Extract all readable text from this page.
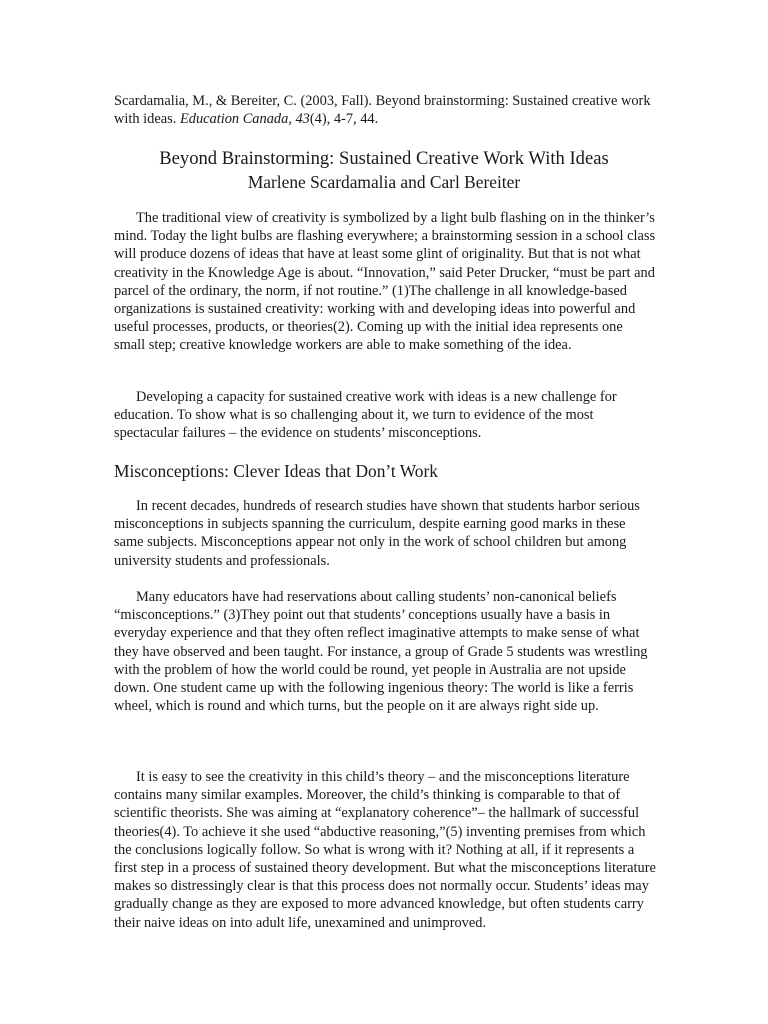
Scardamalia, M., & Bereiter, C. (2003, Fall). Beyond brainstorming: Sustained creative work with ideas. Education Canada, 43(4), 4-7, 44.

Beyond Brainstorming: Sustained Creative Work With Ideas
Marlene Scardamalia and Carl Bereiter

The traditional view of creativity is symbolized by a light bulb flashing on in the thinker’s mind. Today the light bulbs are flashing everywhere; a brainstorming session in a school class will produce dozens of ideas that have at least some glint of originality. But that is not what creativity in the Knowledge Age is about. “Innovation,” said Peter Drucker, “must be part and parcel of the ordinary, the norm, if not routine.” (1)The challenge in all knowledge-based organizations is sustained creativity: working with and developing ideas into powerful and useful processes, products, or theories(2). Coming up with the initial idea represents one small step; creative knowledge workers are able to make something of the idea.

Developing a capacity for sustained creative work with ideas is a new challenge for education. To show what is so challenging about it, we turn to evidence of the most spectacular failures – the evidence on students’ misconceptions.

Misconceptions: Clever Ideas that Don’t Work

In recent decades, hundreds of research studies have shown that students harbor serious misconceptions in subjects spanning the curriculum, despite earning good marks in these same subjects. Misconceptions appear not only in the work of school children but among university students and professionals.

Many educators have had reservations about calling students’ non-canonical beliefs “misconceptions.” (3)They point out that students’ conceptions usually have a basis in everyday experience and that they often reflect imaginative attempts to make sense of what they have observed and been taught. For instance, a group of Grade 5 students was wrestling with the problem of how the world could be round, yet people in Australia are not upside down. One student came up with the following ingenious theory: The world is like a ferris wheel, which is round and which turns, but the people on it are always right side up.

It is easy to see the creativity in this child’s theory – and the misconceptions literature contains many similar examples. Moreover, the child’s thinking is comparable to that of scientific theorists. She was aiming at “explanatory coherence”– the hallmark of successful theories(4). To achieve it she used “abductive reasoning,”(5) inventing premises from which the conclusions logically follow. So what is wrong with it? Nothing at all, if it represents a first step in a process of sustained theory development. But what the misconceptions literature makes so distressingly clear is that this process does not normally occur. Students’ ideas may gradually change as they are exposed to more advanced knowledge, but often students carry their naive ideas on into adult life, unexamined and unimproved.
